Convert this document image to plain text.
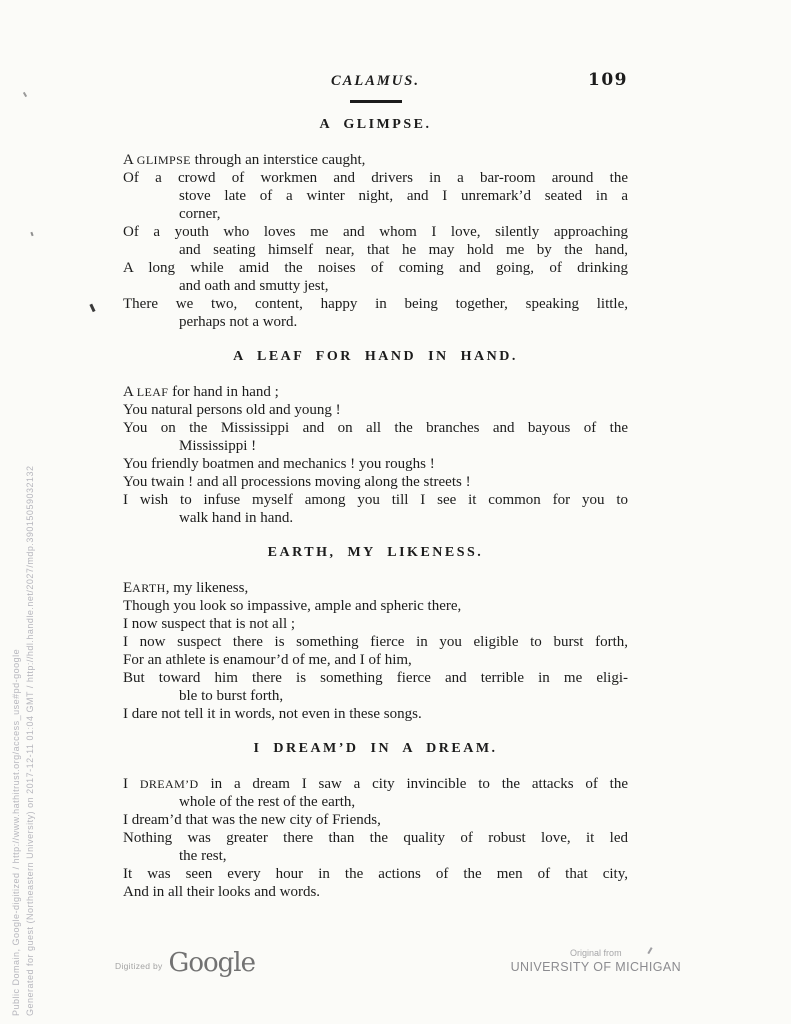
Generated for guest (Northeastern University) on 2017-12-11 01:04 GMT / http://hdl.handle.net/2027/mdp.39015059032132
Public Domain, Google-digitized / http://www.hathitrust.org/access_use#pd-google
CALAMUS.	109
A GLIMPSE.
A GLIMPSE through an interstice caught,
Of a crowd of workmen and drivers in a bar-room around the
stove late of a winter night, and I unremark’d seated in a
corner,
Of a youth who loves me and whom I love, silently approaching
and seating himself near, that he may hold me by the hand,
A long while amid the noises of coming and going, of drinking
and oath and smutty jest,
There we two, content, happy in being together, speaking little,
perhaps not a word.
A LEAF FOR HAND IN HAND.
A LEAF for hand in hand ;
You natural persons old and young !
You on the Mississippi and on all the branches and bayous of the
Mississippi !
You friendly boatmen and mechanics ! you roughs !
You twain ! and all processions moving along the streets !
I wish to infuse myself among you till I see it common for you to
walk hand in hand.
EARTH, MY LIKENESS.
EARTH, my likeness,
Though you look so impassive, ample and spheric there,
I now suspect that is not all ;
I now suspect there is something fierce in you eligible to burst forth,
For an athlete is enamour’d of me, and I of him,
But toward him there is something fierce and terrible in me eligi-
ble to burst forth,
I dare not tell it in words, not even in these songs.
I DREAM’D IN A DREAM.
I DREAM’D in a dream I saw a city invincible to the attacks of the
whole of the rest of the earth,
I dream’d that was the new city of Friends,
Nothing was greater there than the quality of robust love, it led
the rest,
It was seen every hour in the actions of the men of that city,
And in all their looks and words.
Digitized by Google	Original from
UNIVERSITY OF MICHIGAN
